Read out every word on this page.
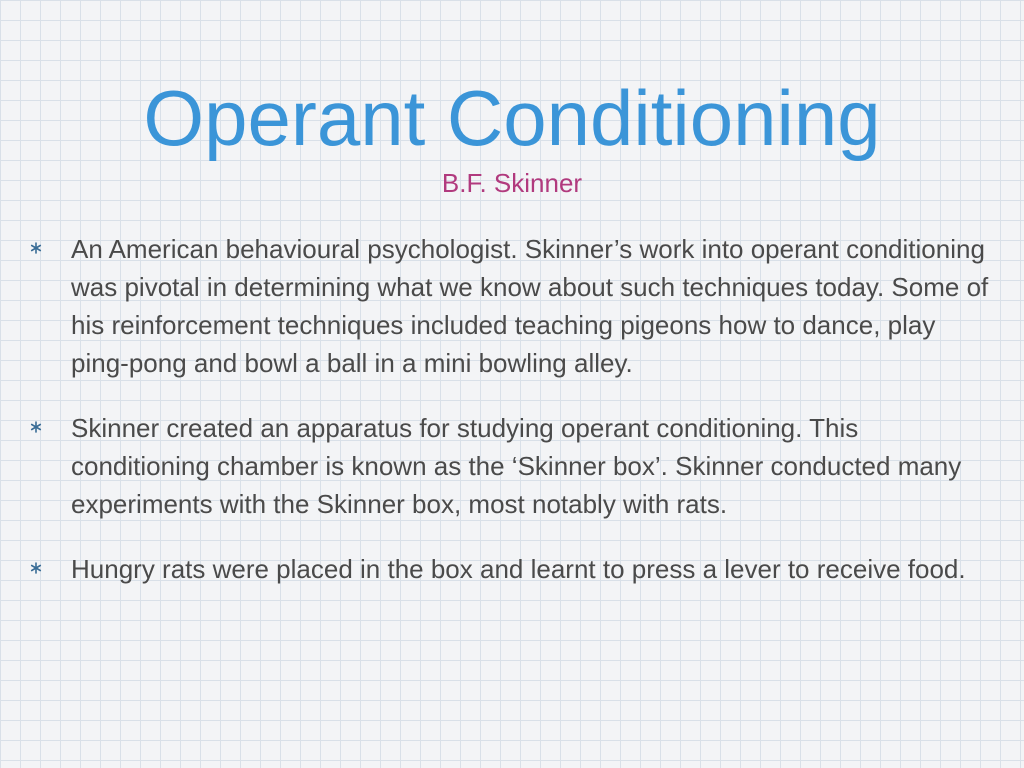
Operant Conditioning

B.F. Skinner

An American behavioural psychologist. Skinner’s work into operant conditioning was pivotal in determining what we know about such techniques today. Some of his reinforcement techniques included teaching pigeons how to dance, play ping-pong and bowl a ball in a mini bowling alley.
Skinner created an apparatus for studying operant conditioning. This conditioning chamber is known as the ‘Skinner box’. Skinner conducted many experiments with the Skinner box, most notably with rats.
Hungry rats were placed in the box and learnt to press a lever to receive food.
